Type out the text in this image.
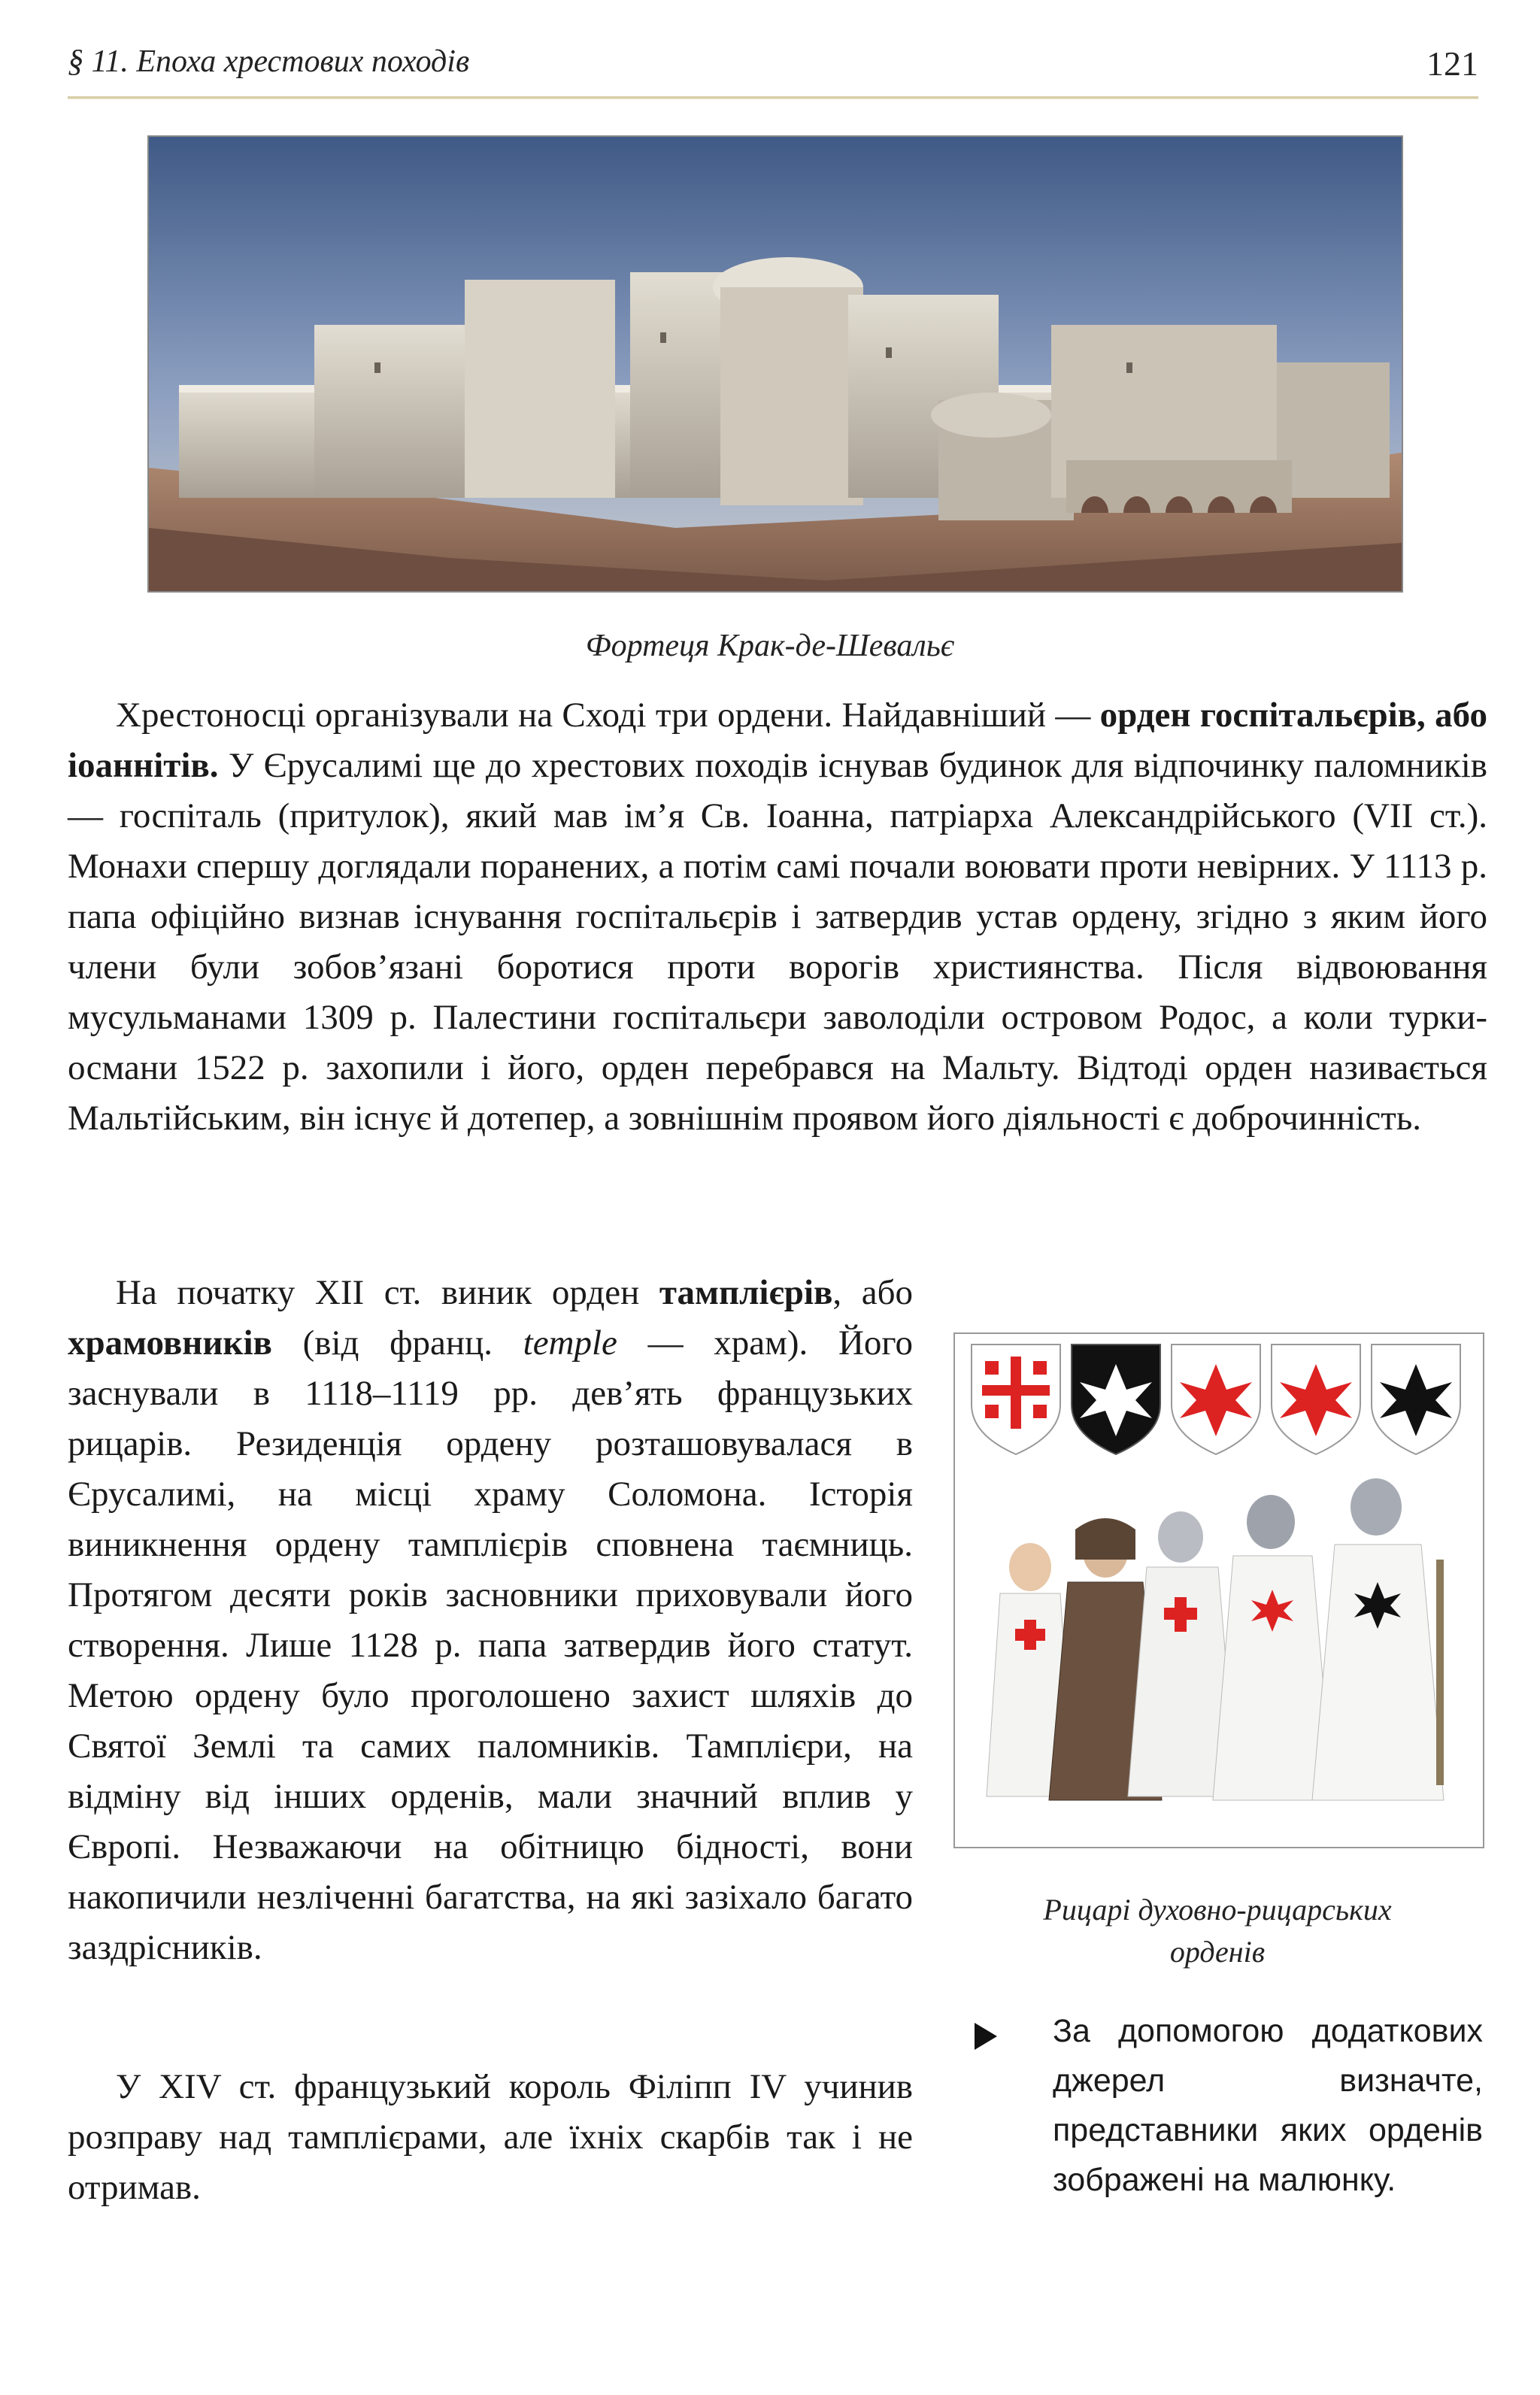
§ 11. Епоха хрестових походів	121
Фортеця Крак-де-Шевальє

Хрестоносці організували на Сході три ордени. Найдавніший — орден госпітальєрів, або іоаннітів. У Єрусалимі ще до хрестових походів існував будинок для відпочинку паломників — госпіталь (притулок), який мав ім’я Св. Іоанна, патріарха Александрійського (VII ст.). Монахи спершу доглядали поранених, а потім самі почали воювати проти невірних. У 1113 р. папа офіційно визнав існування госпітальєрів і затвердив устав ордену, згідно з яким його члени були зобов’язані боротися проти ворогів християнства. Після відвоювання мусульманами 1309 р. Палестини госпітальєри заволоділи островом Родос, а коли турки-османи 1522 р. захопили і його, орден перебрався на Мальту. Відтоді орден називається Мальтійським, він існує й дотепер, а зовнішнім проявом його діяльності є доброчинність.

На початку XII ст. виник орден тамплієрів, або храмовників (від франц. temple — храм). Його заснували в 1118–1119 рр. дев’ять французьких рицарів. Резиденція ордену розташовувалася в Єрусалимі, на місці храму Соломона. Історія виникнення ордену тамплієрів сповнена таємниць. Протягом десяти років засновники приховували його створення. Лише 1128 р. папа затвердив його статут. Метою ордену було проголошено захист шляхів до Святої Землі та самих паломників. Тамплієри, на відміну від інших орденів, мали значний вплив у Європі. Незважаючи на обітницю бідності, вони накопичили незліченні багатства, на які зазіхало багато заздрісників.

У XIV ст. французький король Філіпп IV учинив розправу над тамплієрами, але їхніх скарбів так і не отримав.

Рицарі духовно-рицарських
орденів

За допомогою додаткових джерел визначте, представники яких орденів зображені на малюнку.
